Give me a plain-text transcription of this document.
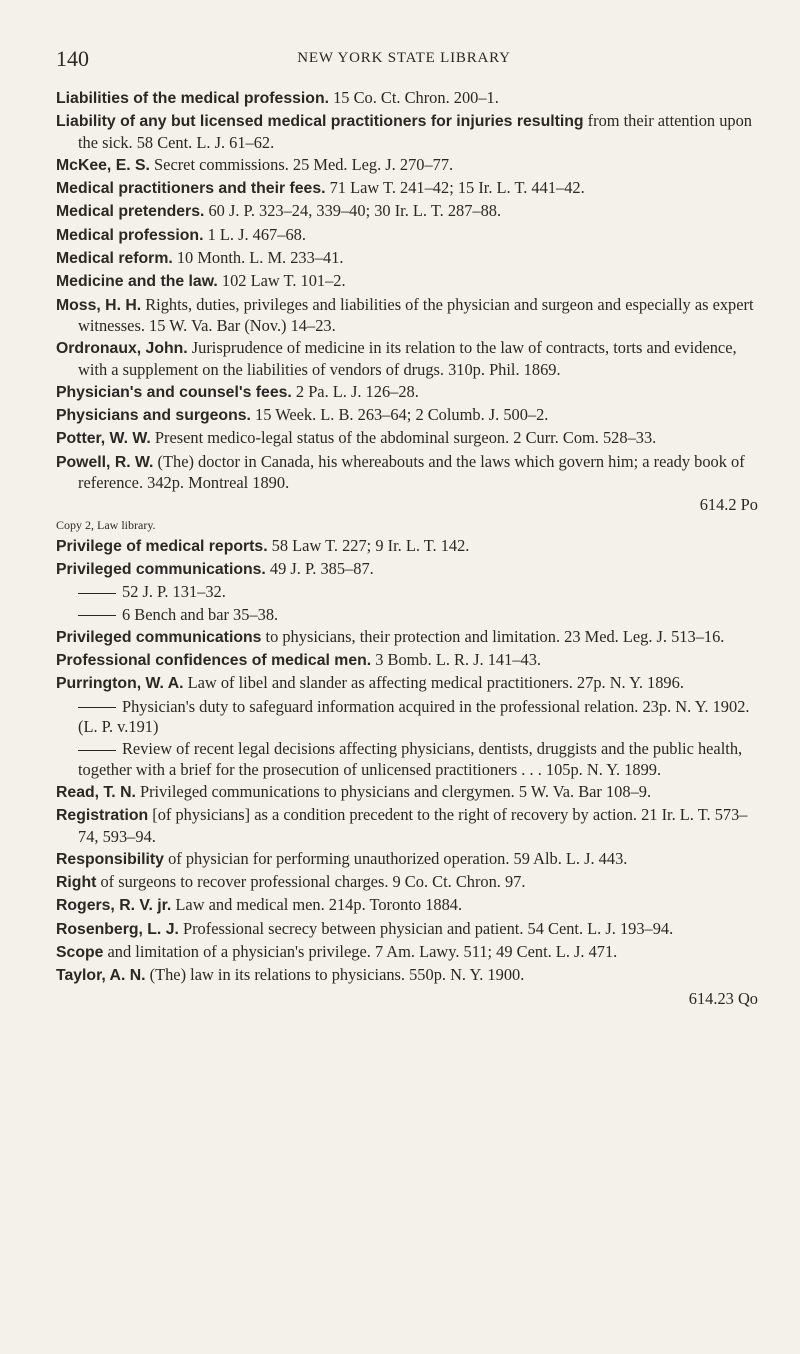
140	NEW YORK STATE LIBRARY
Liabilities of the medical profession. 15 Co. Ct. Chron. 200–1.
Liability of any but licensed medical practitioners for injuries resulting from their attention upon the sick. 58 Cent. L. J. 61–62.
McKee, E. S. Secret commissions. 25 Med. Leg. J. 270–77.
Medical practitioners and their fees. 71 Law T. 241–42; 15 Ir. L. T. 441–42.
Medical pretenders. 60 J. P. 323–24, 339–40; 30 Ir. L. T. 287–88.
Medical profession. 1 L. J. 467–68.
Medical reform. 10 Month. L. M. 233–41.
Medicine and the law. 102 Law T. 101–2.
Moss, H. H. Rights, duties, privileges and liabilities of the physician and surgeon and especially as expert witnesses. 15 W. Va. Bar (Nov.) 14–23.
Ordronaux, John. Jurisprudence of medicine in its relation to the law of contracts, torts and evidence, with a supplement on the liabilities of vendors of drugs. 310p. Phil. 1869.
Physician's and counsel's fees. 2 Pa. L. J. 126–28.
Physicians and surgeons. 15 Week. L. B. 263–64; 2 Columb. J. 500–2.
Potter, W. W. Present medico-legal status of the abdominal surgeon. 2 Curr. Com. 528–33.
Powell, R. W. (The) doctor in Canada, his whereabouts and the laws which govern him; a ready book of reference. 342p. Montreal 1890.
614.2 Po
Copy 2, Law library.
Privilege of medical reports. 58 Law T. 227; 9 Ir. L. T. 142.
Privileged communications. 49 J. P. 385–87.
52 J. P. 131–32.
6 Bench and bar 35–38.
Privileged communications to physicians, their protection and limitation. 23 Med. Leg. J. 513–16.
Professional confidences of medical men. 3 Bomb. L. R. J. 141–43.
Purrington, W. A. Law of libel and slander as affecting medical practitioners. 27p. N. Y. 1896.
Physician's duty to safeguard information acquired in the professional relation. 23p. N. Y. 1902. (L. P. v.191)
Review of recent legal decisions affecting physicians, dentists, druggists and the public health, together with a brief for the prosecution of unlicensed practitioners . . . 105p. N. Y. 1899.
Read, T. N. Privileged communications to physicians and clergymen. 5 W. Va. Bar 108–9.
Registration [of physicians] as a condition precedent to the right of recovery by action. 21 Ir. L. T. 573–74, 593–94.
Responsibility of physician for performing unauthorized operation. 59 Alb. L. J. 443.
Right of surgeons to recover professional charges. 9 Co. Ct. Chron. 97.
Rogers, R. V. jr. Law and medical men. 214p. Toronto 1884.
Rosenberg, L. J. Professional secrecy between physician and patient. 54 Cent. L. J. 193–94.
Scope and limitation of a physician's privilege. 7 Am. Lawy. 511; 49 Cent. L. J. 471.
Taylor, A. N. (The) law in its relations to physicians. 550p. N. Y. 1900.
614.23 Qo
